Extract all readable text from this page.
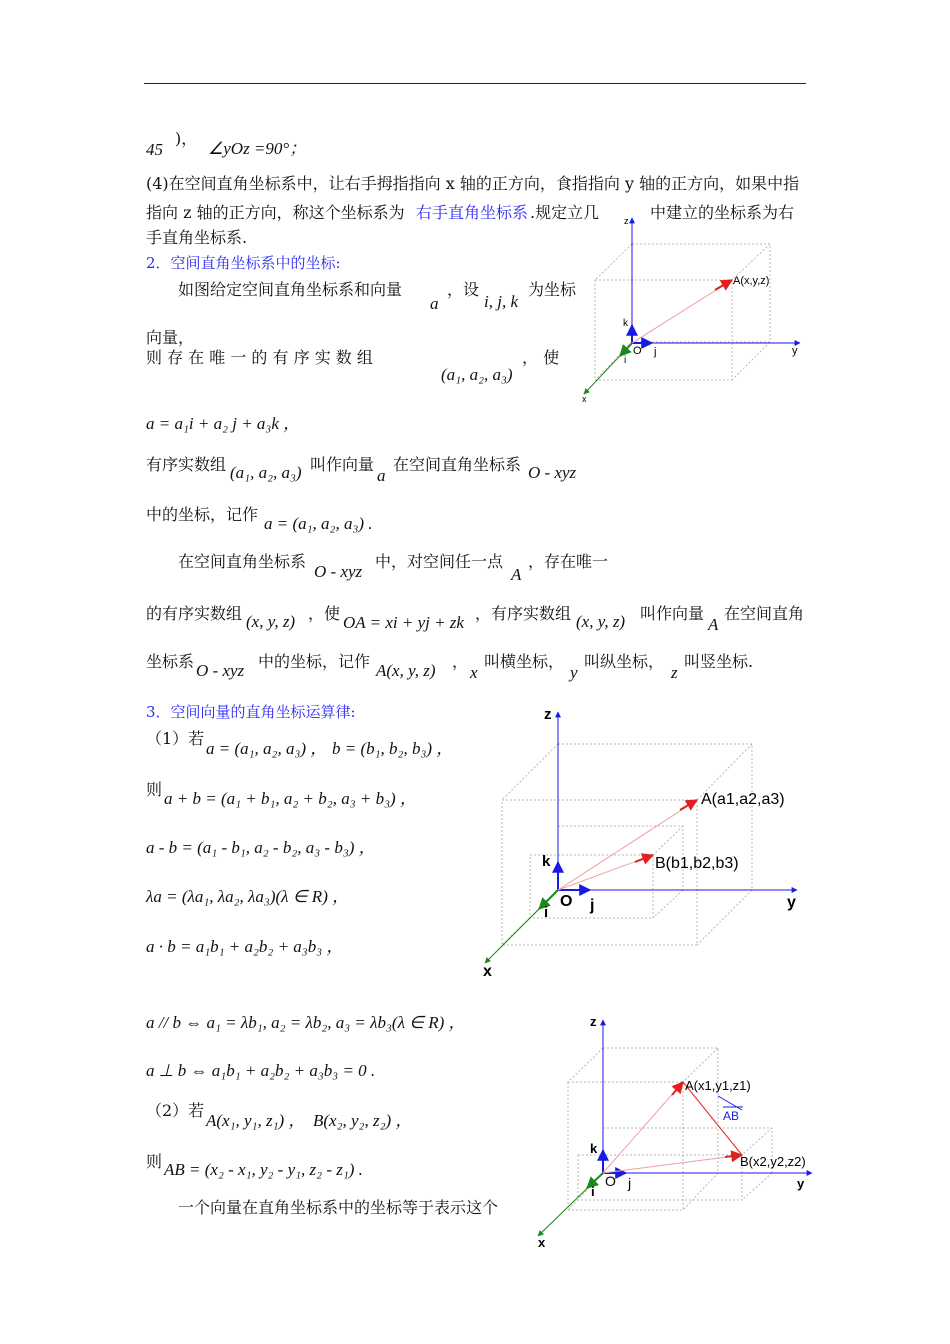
45
)，
∠yOz =90°；
(4)在空间直角坐标系中，让右手拇指指向 x 轴的正方向，食指指向 y 轴的正方向，如果中指
指向 z 轴的正方向，称这个坐标系为 右手直角坐标系 .规定立几	中建立的坐标系为右
手直角坐标系.
2．空间直角坐标系中的坐标:
如图给定空间直角坐标系和向量
a
，设
i, j, k
为坐标
向量，
则 存 在 唯 一 的 有 序 实 数 组
(a₁, a₂, a₃)
， 使
a = a₁i + a₂ j + a₃k ，
有序实数组 (a₁, a₂, a₃) 叫作向量
a
在空间直角坐标系 O - xyz
中的坐标，记作 a = (a₁, a₂, a₃) .
在空间直角坐标系
O - xyz
中，对空间任一点
A
，存在唯一
的有序实数组 (x, y, z) ，使 OA = xi + yj + zk ，有序实数组 (x, y, z) 叫作向量
A
在空间直角
坐标系 O - xyz 中的坐标，记作 A(x, y, z) ，
x
叫横坐标，
y
叫纵坐标，
z
叫竖坐标.
3．空间向量的直角坐标运算律:
（1）若
a = (a₁, a₂, a₃) ， b = (b₁, b₂, b₃) ，
则 a + b = (a₁ + b₁, a₂ + b₂, a₃ + b₃) ，
a - b = (a₁ - b₁, a₂ - b₂, a₃ - b₃) ，
λa = (λa₁, λa₂, λa₃)(λ ∈ R) ，
a · b = a₁b₁ + a₂b₂ + a₃b₃ ，
a // b ⇔ a₁ = λb₁, a₂ = λb₂, a₃ = λb₃(λ ∈ R) ，
a ⊥ b ⇔ a₁b₁ + a₂b₂ + a₃b₃ = 0 .
（2）若
A(x₁, y₁, z₁) ， B(x₂, y₂, z₂) ，
则 AB = (x₂ - x₁, y₂ - y₁, z₂ - z₁) .
一个向量在直角坐标系中的坐标等于表示这个
z
y
x
O
i
j
k
A(x,y,z)
z
y
x
O
i	j
k
A(a1,a2,a3)
B(b1,b2,b3)
z
y
x
O
i
j
k
A(x1,y1,z1)
B(x2,y2,z2)
AB
